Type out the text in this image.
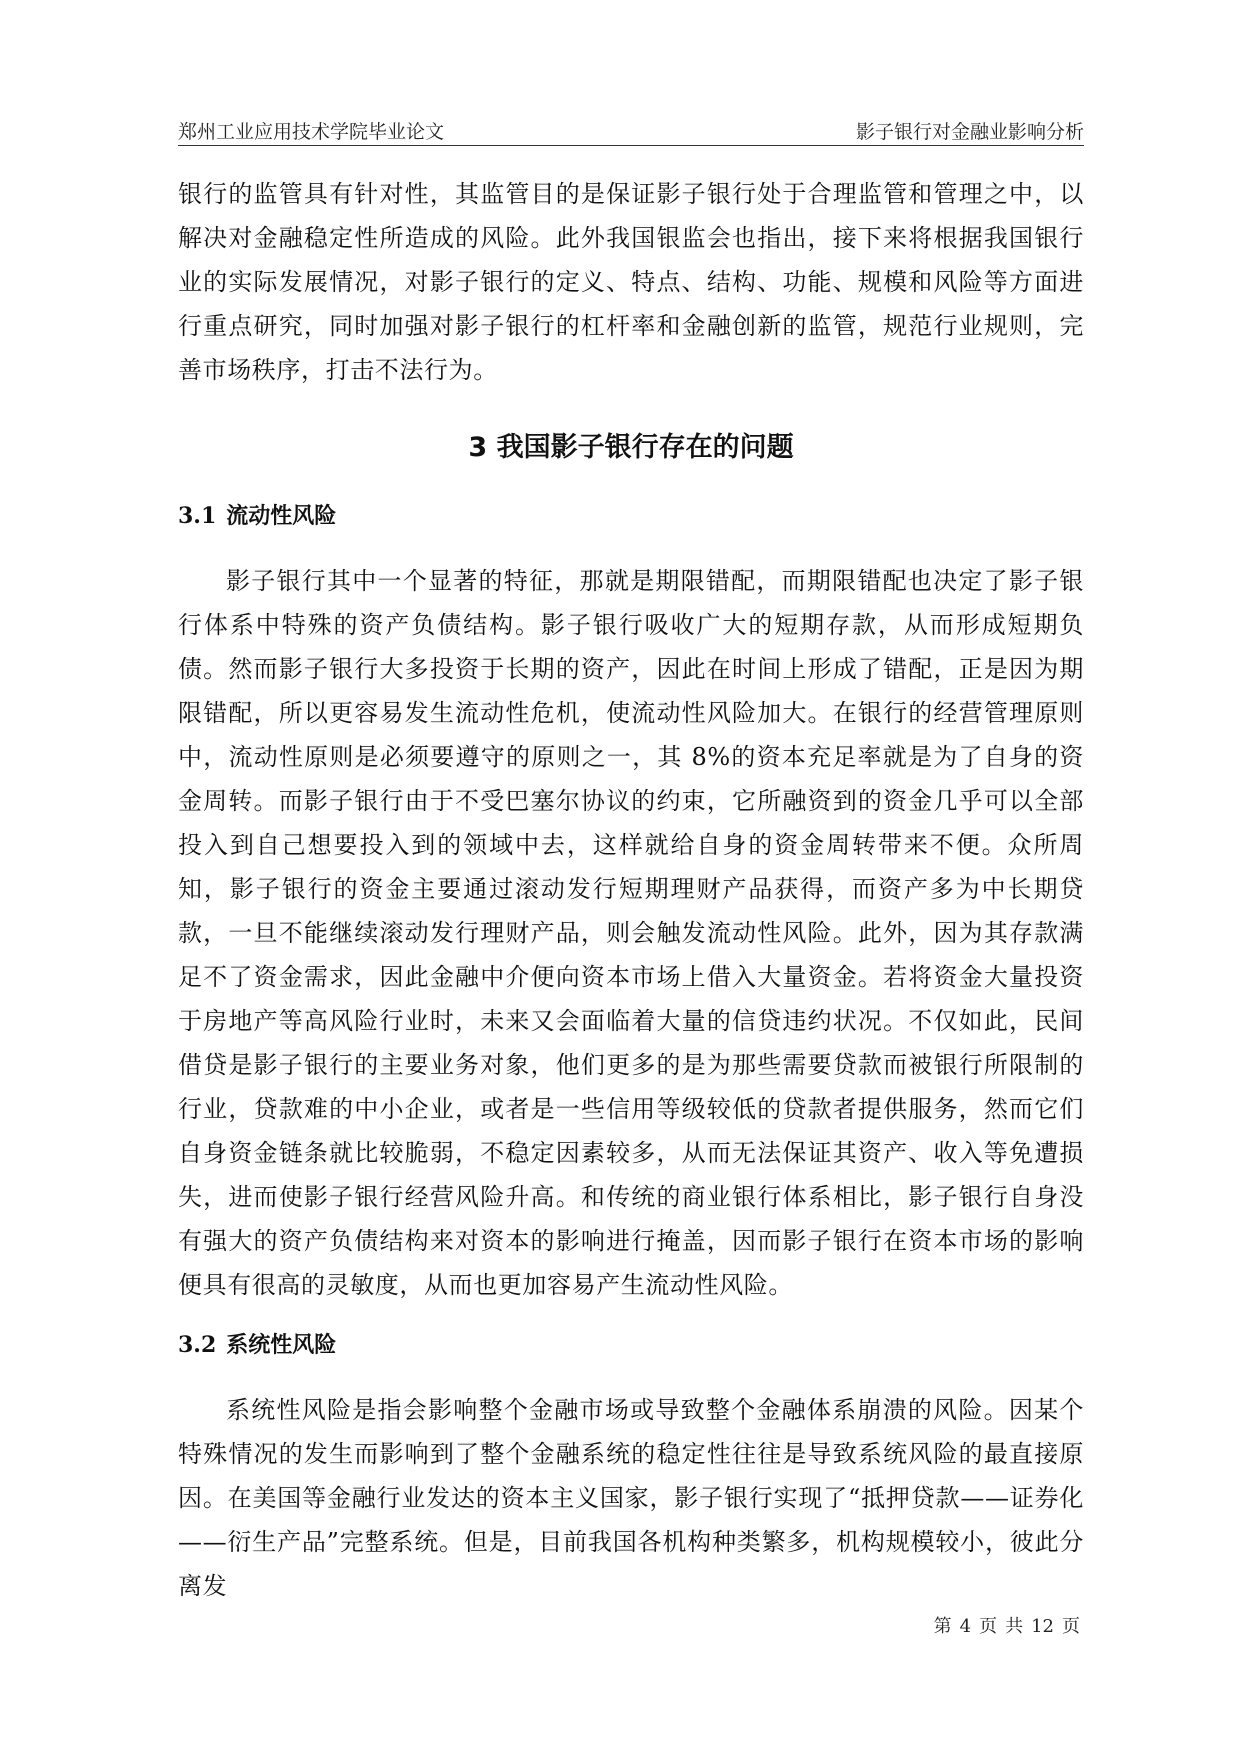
郑州工业应用技术学院毕业论文	影子银行对金融业影响分析

银行的监管具有针对性，其监管目的是保证影子银行处于合理监管和管理之中，以解决对金融稳定性所造成的风险。此外我国银监会也指出，接下来将根据我国银行业的实际发展情况，对影子银行的定义、特点、结构、功能、规模和风险等方面进行重点研究，同时加强对影子银行的杠杆率和金融创新的监管，规范行业规则，完善市场秩序，打击不法行为。

3 我国影子银行存在的问题
3.1 流动性风险

影子银行其中一个显著的特征，那就是期限错配，而期限错配也决定了影子银行体系中特殊的资产负债结构。影子银行吸收广大的短期存款，从而形成短期负债。然而影子银行大多投资于长期的资产，因此在时间上形成了错配，正是因为期限错配，所以更容易发生流动性危机，使流动性风险加大。在银行的经营管理原则中，流动性原则是必须要遵守的原则之一，其 8%的资本充足率就是为了自身的资金周转。而影子银行由于不受巴塞尔协议的约束，它所融资到的资金几乎可以全部投入到自己想要投入到的领域中去，这样就给自身的资金周转带来不便。众所周知，影子银行的资金主要通过滚动发行短期理财产品获得，而资产多为中长期贷款，一旦不能继续滚动发行理财产品，则会触发流动性风险。此外，因为其存款满足不了资金需求，因此金融中介便向资本市场上借入大量资金。若将资金大量投资于房地产等高风险行业时，未来又会面临着大量的信贷违约状况。不仅如此，民间借贷是影子银行的主要业务对象，他们更多的是为那些需要贷款而被银行所限制的行业，贷款难的中小企业，或者是一些信用等级较低的贷款者提供服务，然而它们自身资金链条就比较脆弱，不稳定因素较多，从而无法保证其资产、收入等免遭损失，进而使影子银行经营风险升高。和传统的商业银行体系相比，影子银行自身没有强大的资产负债结构来对资本的影响进行掩盖，因而影子银行在资本市场的影响便具有很高的灵敏度，从而也更加容易产生流动性风险。

3.2 系统性风险

系统性风险是指会影响整个金融市场或导致整个金融体系崩溃的风险。因某个特殊情况的发生而影响到了整个金融系统的稳定性往往是导致系统风险的最直接原因。在美国等金融行业发达的资本主义国家，影子银行实现了“抵押贷款——证券化——衍生产品”完整系统。但是，目前我国各机构种类繁多，机构规模较小，彼此分离发

第 4 页 共 12 页
